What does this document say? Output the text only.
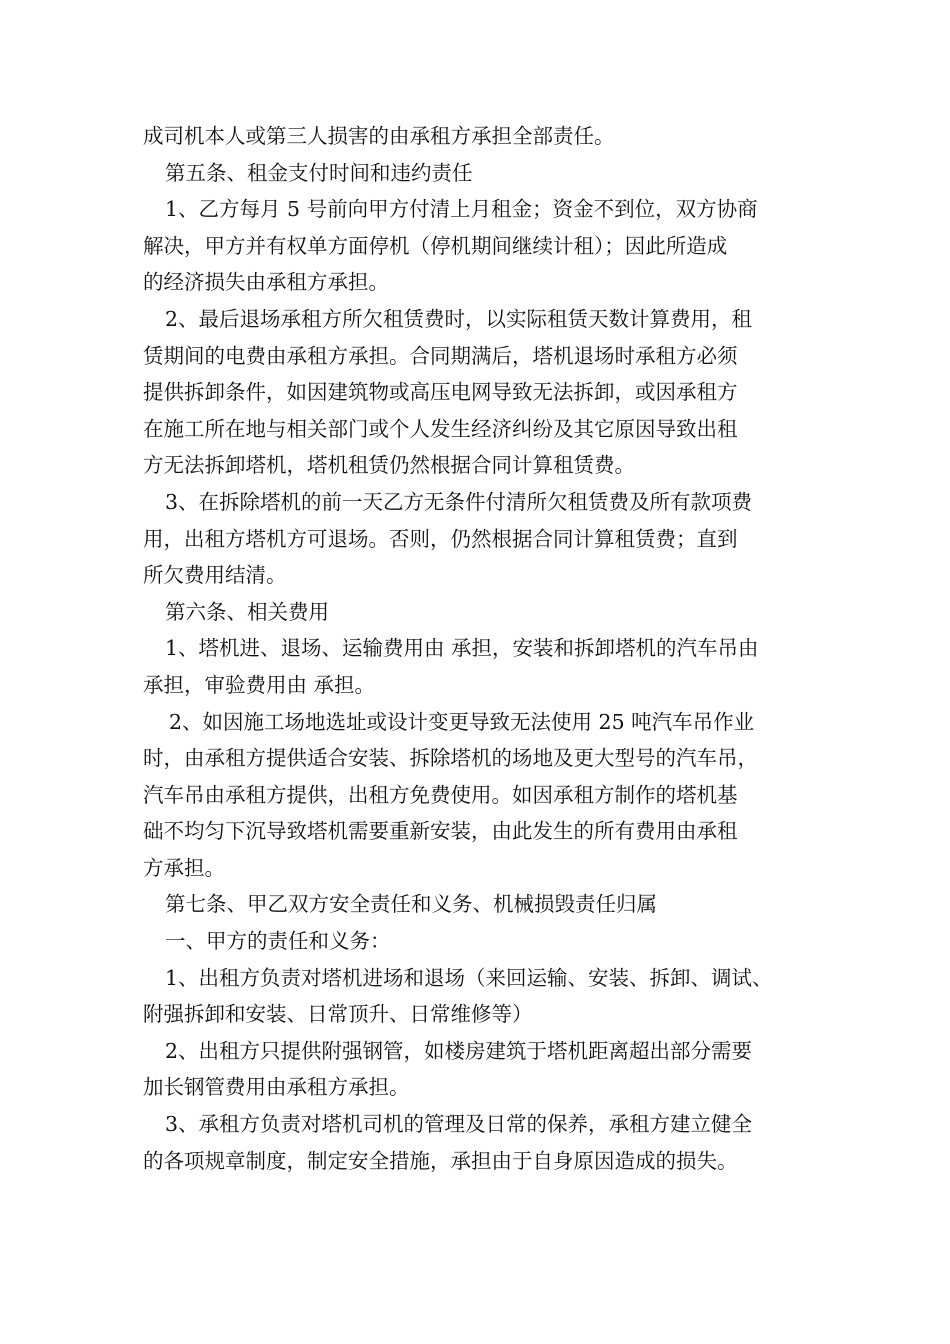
成司机本人或第三人损害的由承租方承担全部责任。
第五条、租金支付时间和违约责任
1、乙方每月 5 号前向甲方付清上月租金；资金不到位，双方协商
解决，甲方并有权单方面停机（停机期间继续计租）；因此所造成
的经济损失由承租方承担。
2、最后退场承租方所欠租赁费时，以实际租赁天数计算费用，租
赁期间的电费由承租方承担。合同期满后，塔机退场时承租方必须
提供拆卸条件，如因建筑物或高压电网导致无法拆卸，或因承租方
在施工所在地与相关部门或个人发生经济纠纷及其它原因导致出租
方无法拆卸塔机，塔机租赁仍然根据合同计算租赁费。
3、在拆除塔机的前一天乙方无条件付清所欠租赁费及所有款项费
用，出租方塔机方可退场。否则，仍然根据合同计算租赁费；直到
所欠费用结清。
第六条、相关费用
1、塔机进、退场、运输费用由 承担，安装和拆卸塔机的汽车吊由
承担，审验费用由 承担。
2、如因施工场地选址或设计变更导致无法使用 25 吨汽车吊作业
时，由承租方提供适合安装、拆除塔机的场地及更大型号的汽车吊，
汽车吊由承租方提供，出租方免费使用。如因承租方制作的塔机基
础不均匀下沉导致塔机需要重新安装，由此发生的所有费用由承租
方承担。
第七条、甲乙双方安全责任和义务、机械损毁责任归属
一、甲方的责任和义务：
1、出租方负责对塔机进场和退场（来回运输、安装、拆卸、调试、
附强拆卸和安装、日常顶升、日常维修等）
2、出租方只提供附强钢管，如楼房建筑于塔机距离超出部分需要
加长钢管费用由承租方承担。
3、承租方负责对塔机司机的管理及日常的保养，承租方建立健全
的各项规章制度，制定安全措施，承担由于自身原因造成的损失。
